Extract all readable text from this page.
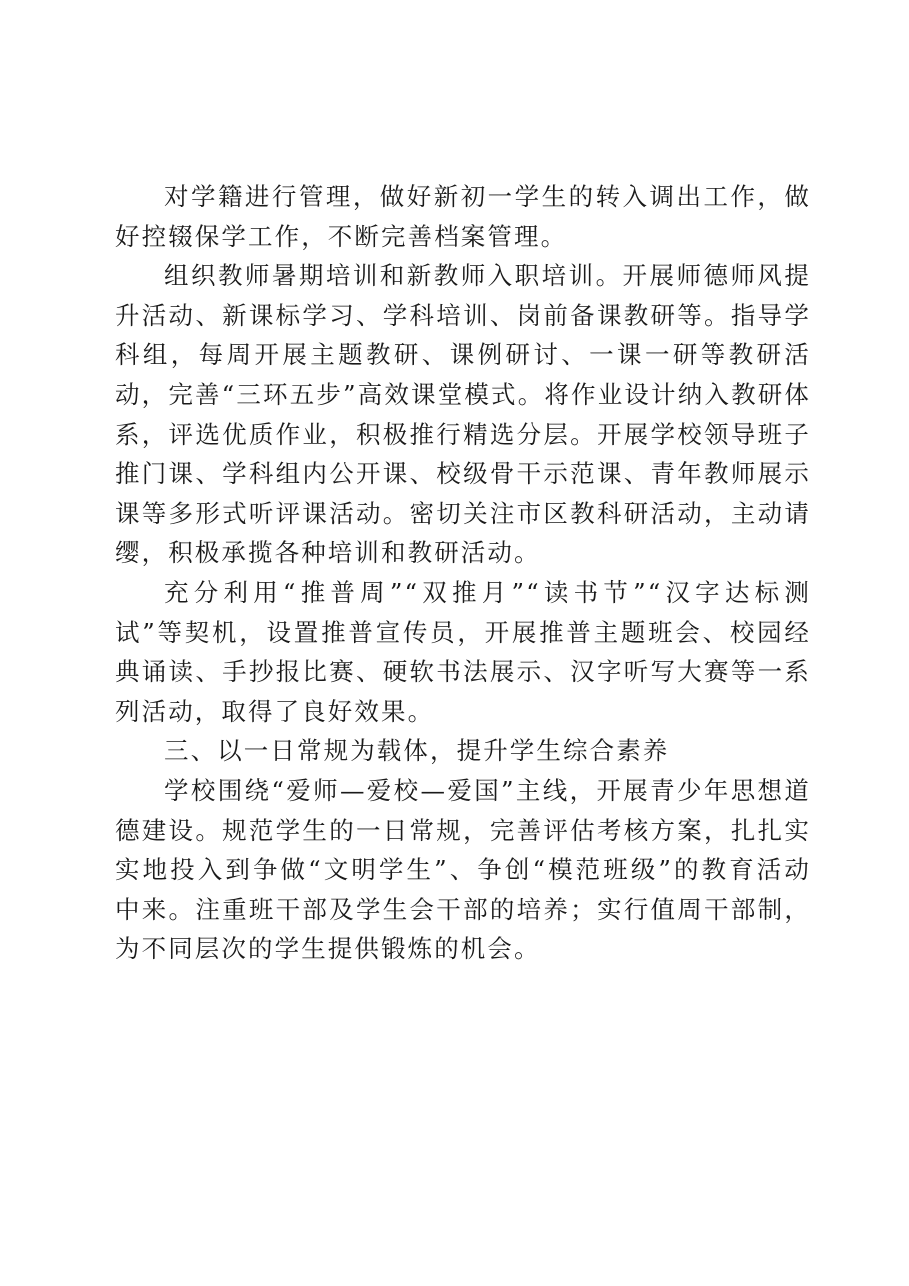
对学籍进行管理，做好新初一学生的转入调出工作，做好控辍保学工作，不断完善档案管理。

组织教师暑期培训和新教师入职培训。开展师德师风提升活动、新课标学习、学科培训、岗前备课教研等。指导学科组，每周开展主题教研、课例研讨、一课一研等教研活动，完善“三环五步”高效课堂模式。将作业设计纳入教研体系，评选优质作业，积极推行精选分层。开展学校领导班子推门课、学科组内公开课、校级骨干示范课、青年教师展示课等多形式听评课活动。密切关注市区教科研活动，主动请缨，积极承揽各种培训和教研活动。

充分利用“推普周”“双推月”“读书节”“汉字达标测试”等契机，设置推普宣传员，开展推普主题班会、校园经典诵读、手抄报比赛、硬软书法展示、汉字听写大赛等一系列活动，取得了良好效果。

三、以一日常规为载体，提升学生综合素养

学校围绕“爱师—爱校—爱国”主线，开展青少年思想道德建设。规范学生的一日常规，完善评估考核方案，扎扎实实地投入到争做“文明学生”、争创“模范班级”的教育活动中来。注重班干部及学生会干部的培养；实行值周干部制，为不同层次的学生提供锻炼的机会。
